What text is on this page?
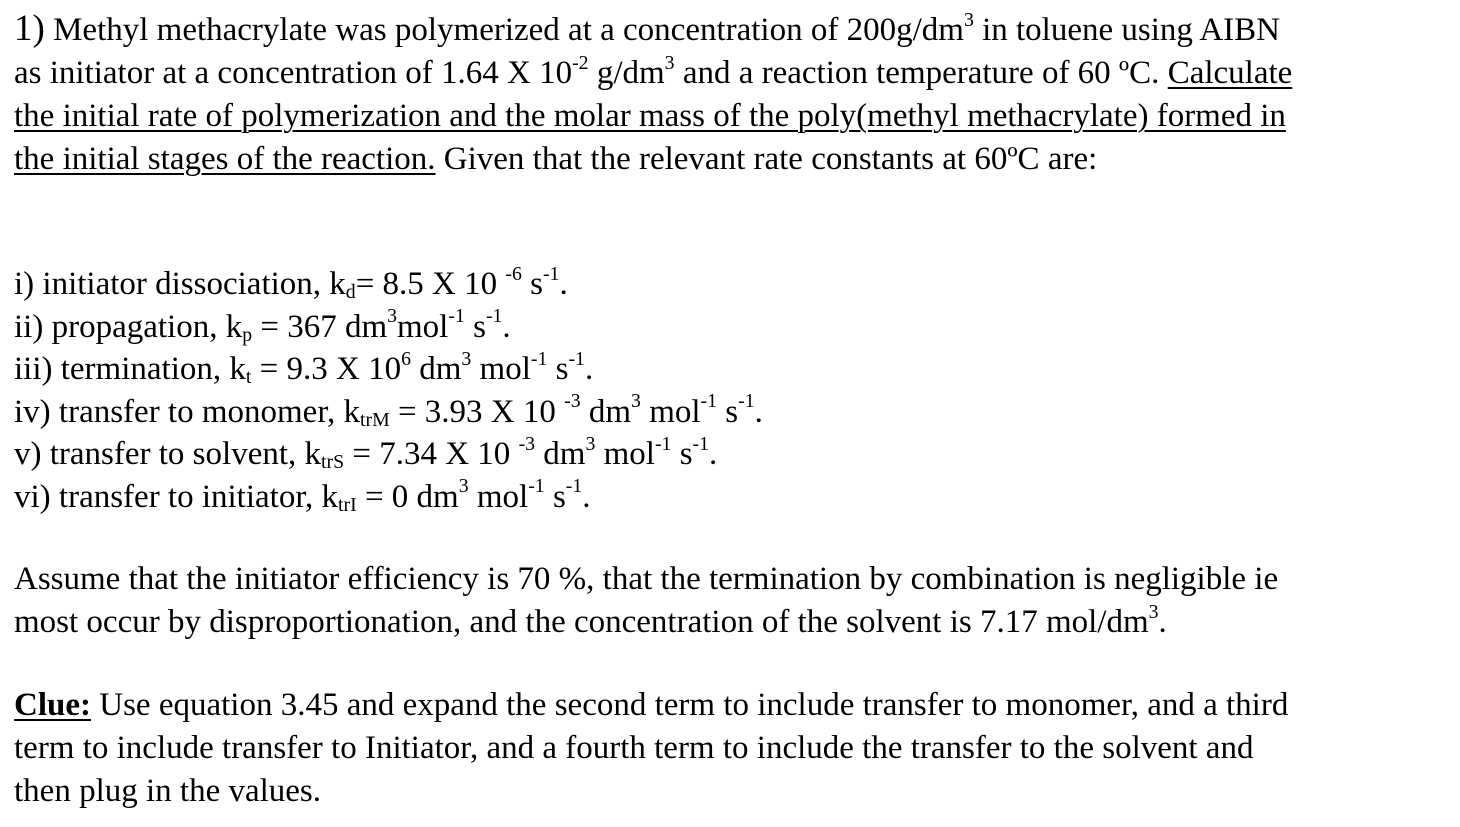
1) Methyl methacrylate was polymerized at a concentration of $200g/dm^3$ in toluene using AIBN
as initiator at a concentration of 1.64 X $10^{-2}$ $g/dm^3$ and a reaction temperature of 60 ºC. Calculate
the initial rate of polymerization and the molar mass of the poly(methyl methacrylate) formed in
the initial stages of the reaction. Given that the relevant rate constants at 60ºC are:
i) initiator dissociation, $k_d= 8.5$ X 10 $^{-6}$ $s^{-1}$.
ii) propagation, $k_p = 367$ $dm^3mol^{-1}$ $s^{-1}$.
iii) termination, $k_t = 9.3$ X $10^6$ $dm^3$ mol$^{-1}$ $s^{-1}$.
iv) transfer to monomer, $k_{trM} = 3.93$ X 10 $^{-3}$ $dm^3$ mol$^{-1}$ $s^{-1}$.
v) transfer to solvent, $k_{trS} = 7.34$ X 10 $^{-3}$ $dm^3$ mol$^{-1}$ $s^{-1}$.
vi) transfer to initiator, $k_{trI} = 0$ $dm^3$ mol$^{-1}$ $s^{-1}$.
Assume that the initiator efficiency is 70 %, that the termination by combination is negligible ie
most occur by disproportionation, and the concentration of the solvent is 7.17 mol/$dm^3$.
Clue: Use equation 3.45 and expand the second term to include transfer to monomer, and a third
term to include transfer to Initiator, and a fourth term to include the transfer to the solvent and
then plug in the values.
